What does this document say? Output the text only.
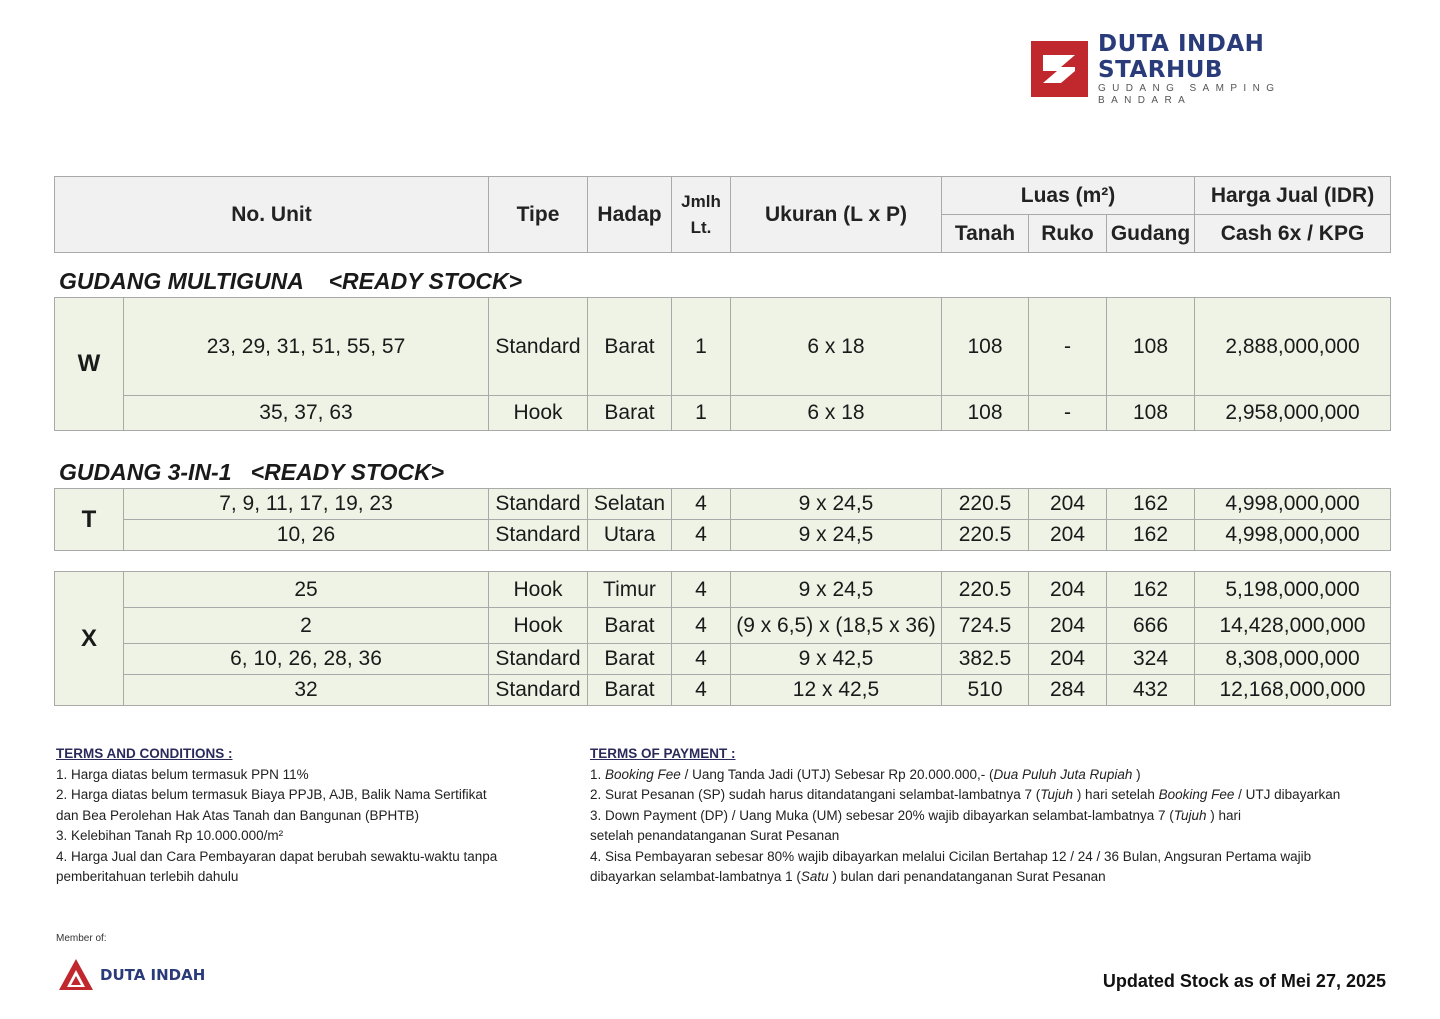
DUTA INDAH STARHUB
GUDANG SAMPING BANDARA
No. Unit	Tipe	Hadap	Jmlh
Lt.	Ukuran (L x P)	Luas (m²)			Harga Jual (IDR)
					Tanah	Ruko	Gudang	Cash 6x / KPG
GUDANG MULTIGUNA    <READY STOCK>
W	23, 29, 31, 51, 55, 57	Standard	Barat	1	6 x 18	108	-	108	2,888,000,000
	35, 37, 63	Hook	Barat	1	6 x 18	108	-	108	2,958,000,000
GUDANG 3-IN-1   <READY STOCK>
T	7, 9, 11, 17, 19, 23	Standard	Selatan	4	9 x 24,5	220.5	204	162	4,998,000,000
	10, 26	Standard	Utara	4	9 x 24,5	220.5	204	162	4,998,000,000
X	25	Hook	Timur	4	9 x 24,5	220.5	204	162	5,198,000,000
	2	Hook	Barat	4	(9 x 6,5) x (18,5 x 36)	724.5	204	666	14,428,000,000
	6, 10, 26, 28, 36	Standard	Barat	4	9 x 42,5	382.5	204	324	8,308,000,000
	32	Standard	Barat	4	12 x 42,5	510	284	432	12,168,000,000

TERMS AND CONDITIONS :

1. Harga diatas belum termasuk PPN 11%

2. Harga diatas belum termasuk Biaya PPJB, AJB, Balik Nama Sertifikat

dan Bea Perolehan Hak Atas Tanah dan Bangunan (BPHTB)

3. Kelebihan Tanah Rp 10.000.000/m²

4. Harga Jual dan Cara Pembayaran dapat berubah sewaktu-waktu tanpa

pemberitahuan terlebih dahulu

TERMS OF PAYMENT :

1. Booking Fee / Uang Tanda Jadi (UTJ) Sebesar Rp 20.000.000,- (Dua Puluh Juta Rupiah )

2. Surat Pesanan (SP) sudah harus ditandatangani selambat-lambatnya 7 (Tujuh ) hari setelah Booking Fee / UTJ dibayarkan

3. Down Payment (DP) / Uang Muka (UM) sebesar 20% wajib dibayarkan selambat-lambatnya 7 (Tujuh ) hari

setelah penandatanganan Surat Pesanan

4. Sisa Pembayaran sebesar 80% wajib dibayarkan melalui Cicilan Bertahap 12 / 24 / 36 Bulan, Angsuran Pertama wajib

dibayarkan selambat-lambatnya 1 (Satu ) bulan dari penandatanganan Surat Pesanan

Member of:
DUTA INDAH	Updated Stock as of Mei 27, 2025
